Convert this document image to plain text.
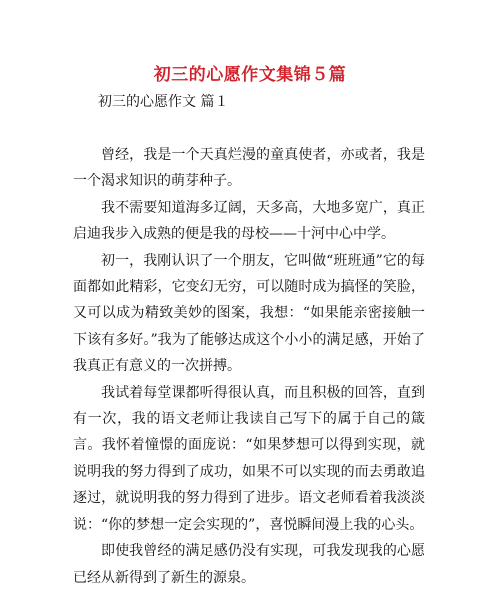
初三的心愿作文集锦５篇
初三的心愿作文 篇１

曾经，我是一个天真烂漫的童真使者，亦或者，我是一个渴求知识的萌芽种子。

我不需要知道海多辽阔，天多高，大地多宽广，真正启迪我步入成熟的便是我的母校——十河中心中学。

初一，我刚认识了一个朋友，它叫做“班班通”它的每面都如此精彩，它变幻无穷，可以随时成为搞怪的笑脸，又可以成为精致美妙的图案，我想：“如果能亲密接触一下该有多好。”我为了能够达成这个小小的满足感，开始了我真正有意义的一次拼搏。

我试着每堂课都听得很认真，而且积极的回答，直到有一次，我的语文老师让我读自己写下的属于自己的箴言。我怀着憧憬的面庞说：“如果梦想可以得到实现，就说明我的努力得到了成功，如果不可以实现的而去勇敢追逐过，就说明我的努力得到了进步。语文老师看着我淡淡说：“你的梦想一定会实现的”，喜悦瞬间漫上我的心头。

即使我曾经的满足感仍没有实现，可我发现我的心愿已经从新得到了新生的源泉。
